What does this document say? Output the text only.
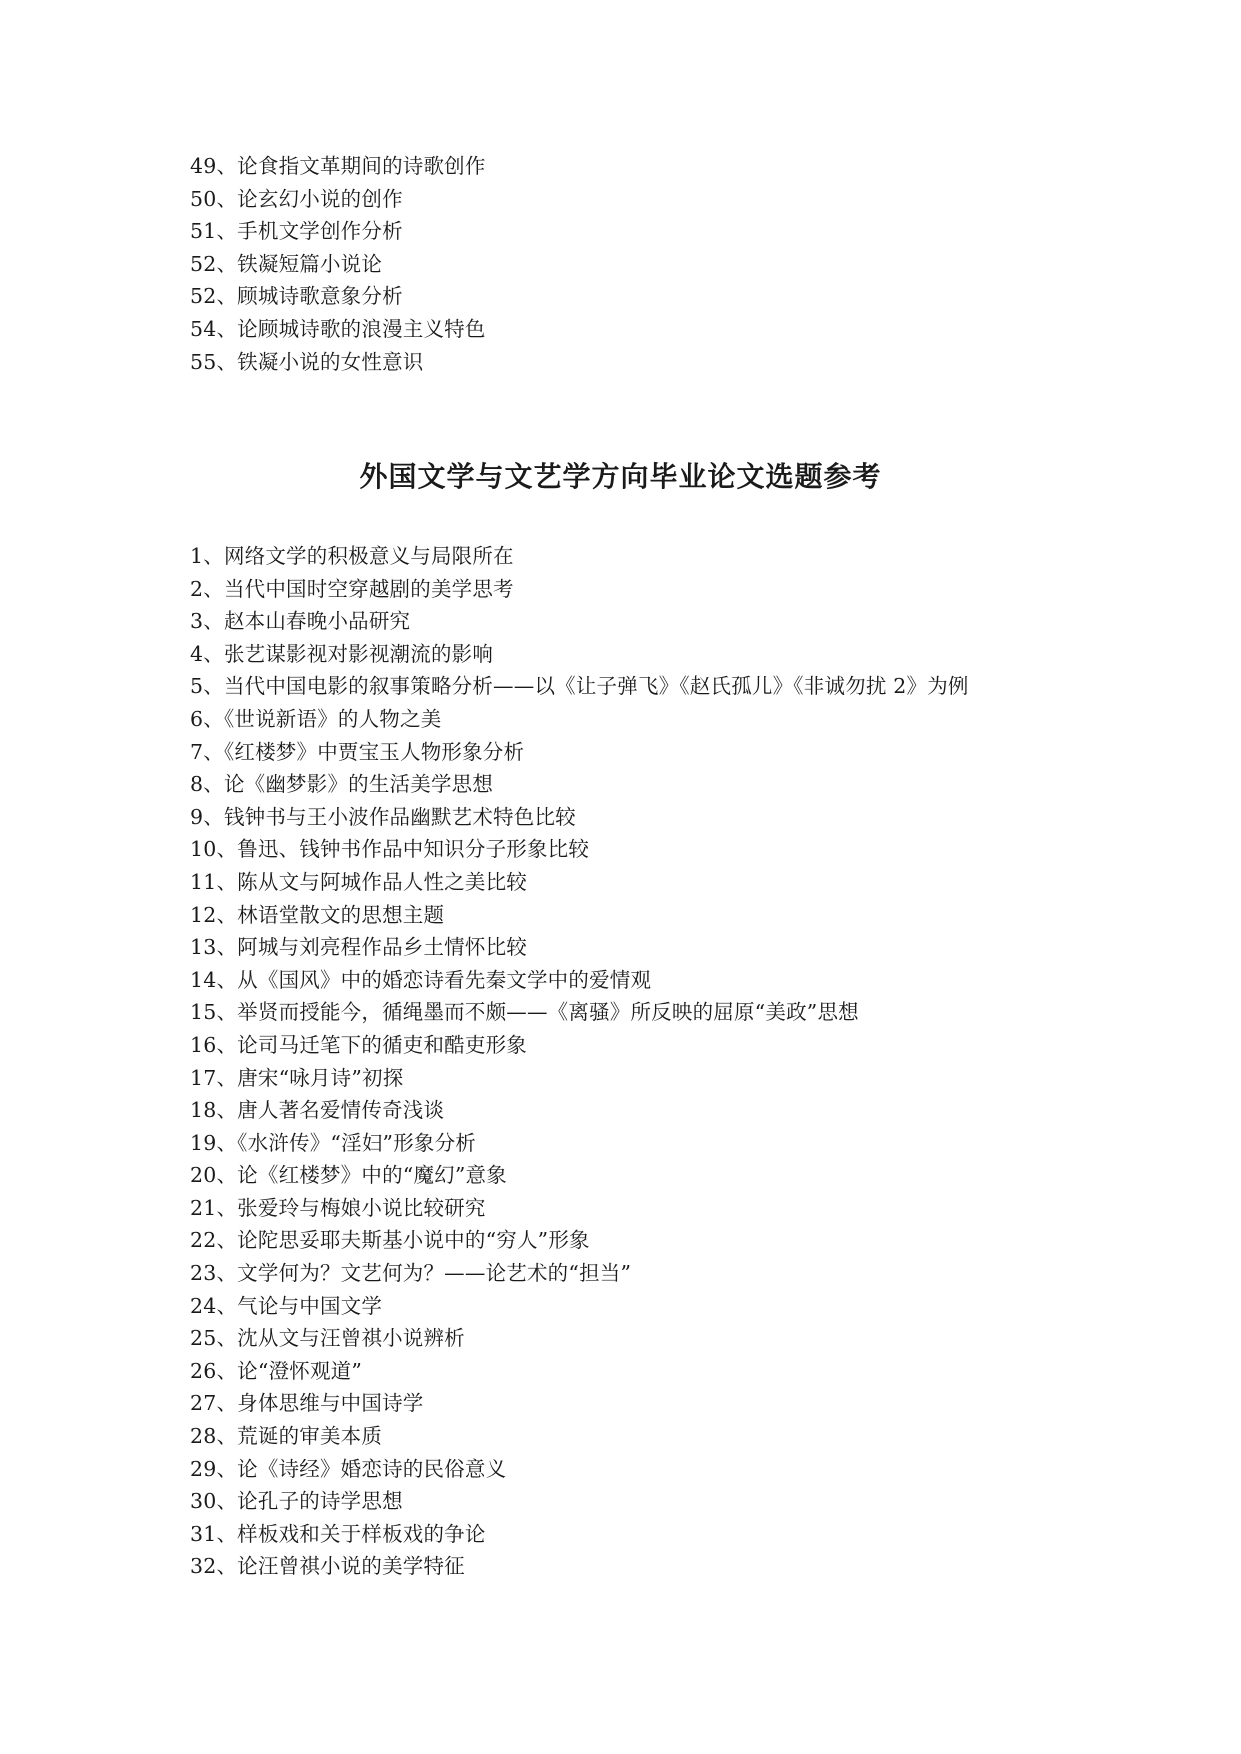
49、论食指文革期间的诗歌创作
50、论玄幻小说的创作
51、手机文学创作分析
52、铁凝短篇小说论
52、顾城诗歌意象分析
54、论顾城诗歌的浪漫主义特色
55、铁凝小说的女性意识
外国文学与文艺学方向毕业论文选题参考
1、网络文学的积极意义与局限所在
2、当代中国时空穿越剧的美学思考
3、赵本山春晚小品研究
4、张艺谋影视对影视潮流的影响
5、当代中国电影的叙事策略分析——以《让子弹飞》《赵氏孤儿》《非诚勿扰 2》为例
6、《世说新语》的人物之美
7、《红楼梦》中贾宝玉人物形象分析
8、论《幽梦影》的生活美学思想
9、钱钟书与王小波作品幽默艺术特色比较
10、鲁迅、钱钟书作品中知识分子形象比较
11、陈从文与阿城作品人性之美比较
12、林语堂散文的思想主题
13、阿城与刘亮程作品乡土情怀比较
14、从《国风》中的婚恋诗看先秦文学中的爱情观
15、举贤而授能今，循绳墨而不颇——《离骚》所反映的屈原“美政”思想
16、论司马迁笔下的循吏和酷吏形象
17、唐宋“咏月诗”初探
18、唐人著名爱情传奇浅谈
19、《水浒传》“淫妇”形象分析
20、论《红楼梦》中的“魔幻”意象
21、张爱玲与梅娘小说比较研究
22、论陀思妥耶夫斯基小说中的“穷人”形象
23、文学何为？文艺何为？——论艺术的“担当”
24、气论与中国文学
25、沈从文与汪曾祺小说辨析
26、论“澄怀观道”
27、身体思维与中国诗学
28、荒诞的审美本质
29、论《诗经》婚恋诗的民俗意义
30、论孔子的诗学思想
31、样板戏和关于样板戏的争论
32、论汪曾祺小说的美学特征
